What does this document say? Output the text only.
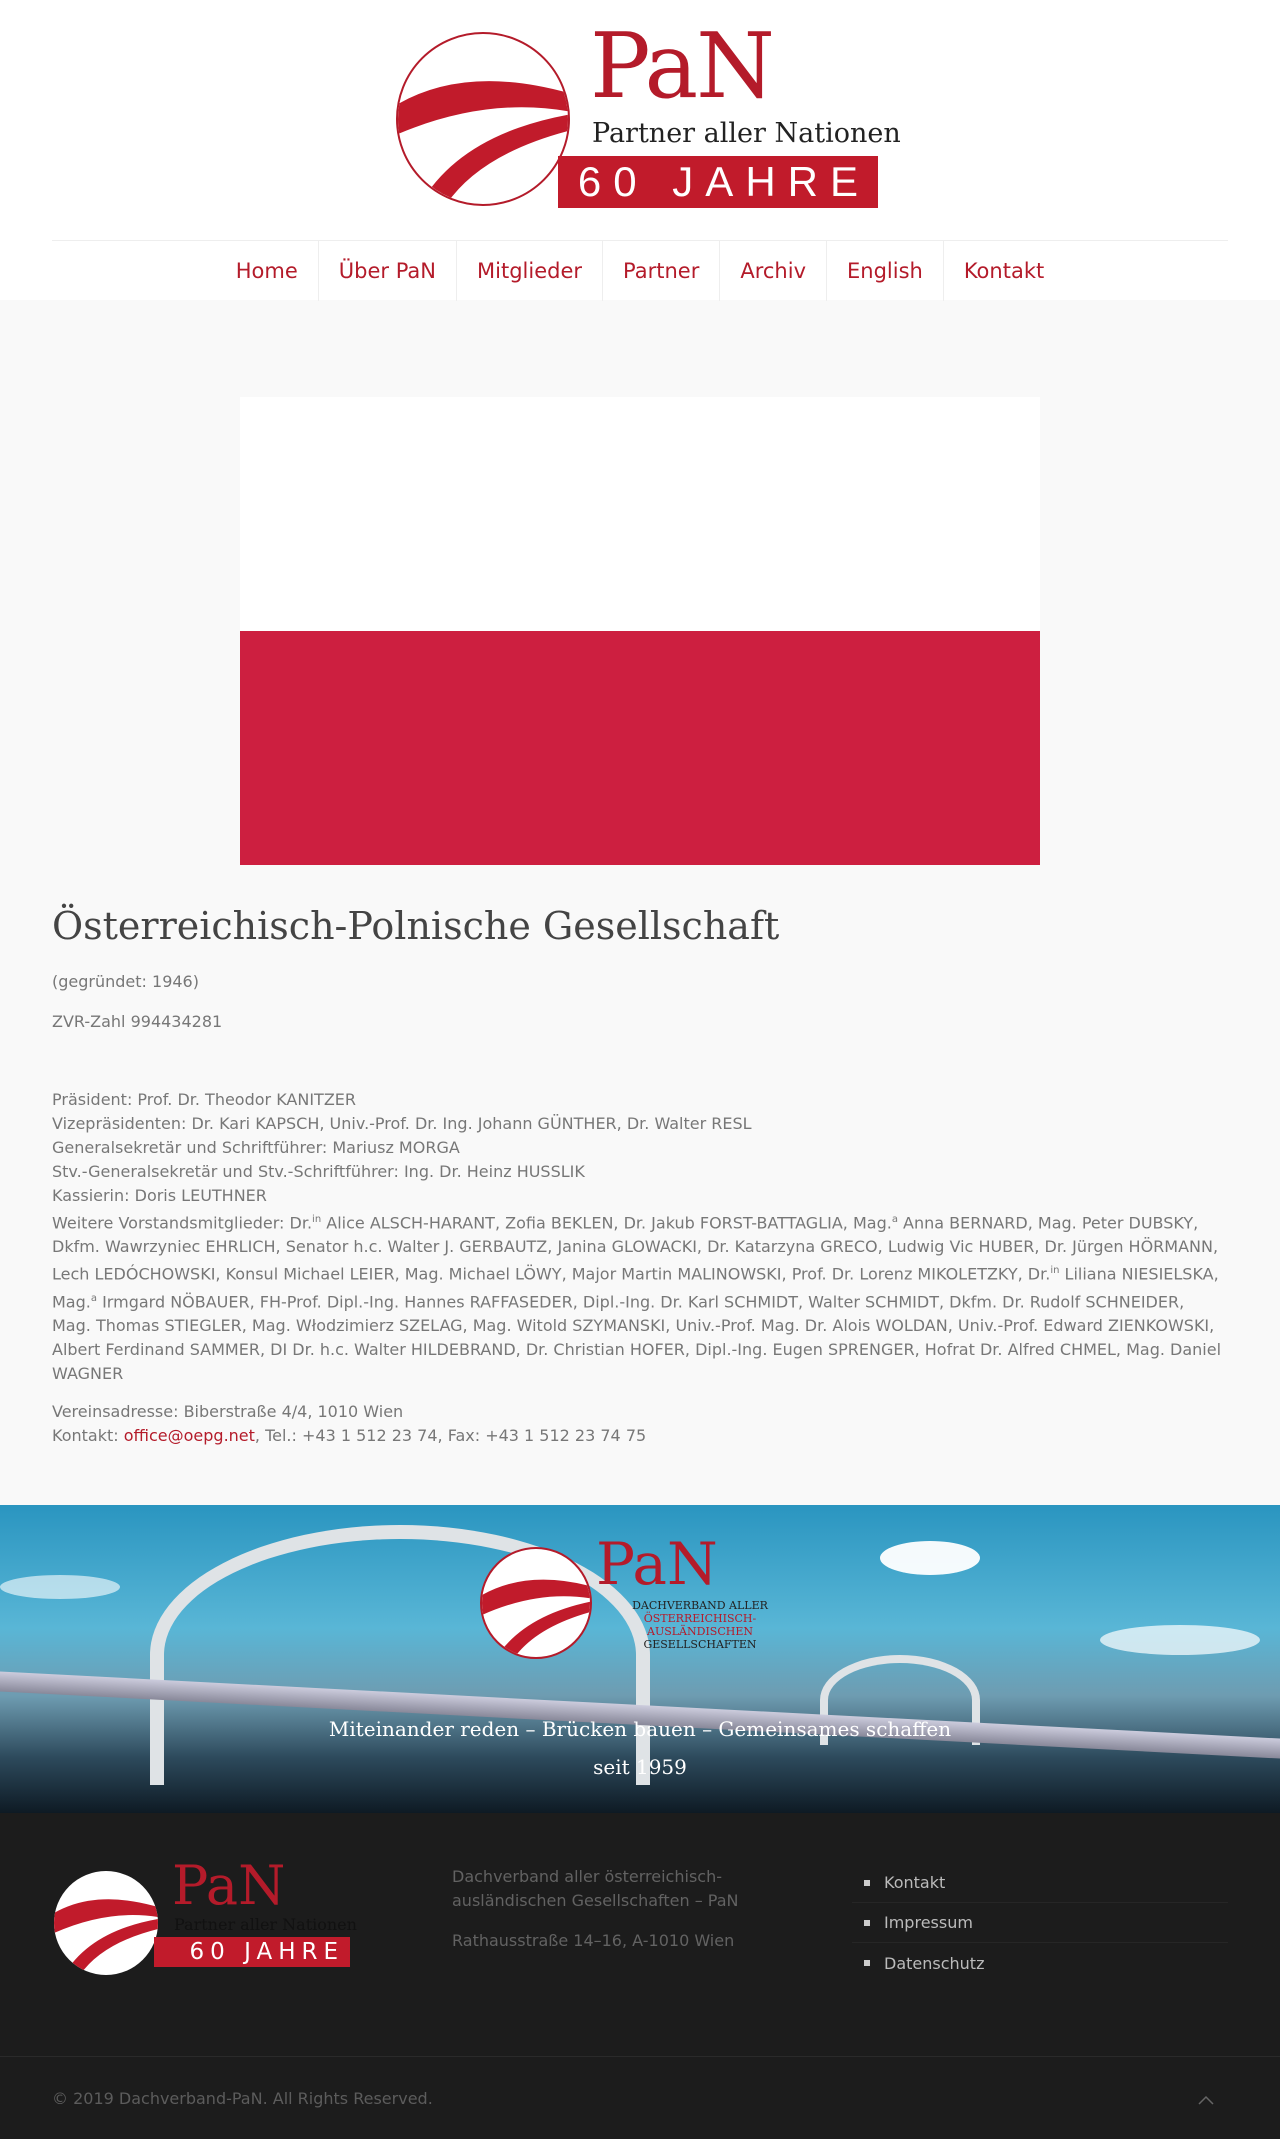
PaN
Partner aller Nationen
60 JAHRE
Home	Über PaN	Mitglieder	Partner	Archiv	English	Kontakt
Österreichisch-Polnische Gesellschaft

(gegründet: 1946)

ZVR-Zahl 994434281

Präsident: Prof. Dr. Theodor KANITZER
Vizepräsidenten: Dr. Kari KAPSCH, Univ.-Prof. Dr. Ing. Johann GÜNTHER, Dr. Walter RESL
Generalsekretär und Schriftführer: Mariusz MORGA
Stv.-Generalsekretär und Stv.-Schriftführer: Ing. Dr. Heinz HUSSLIK
Kassierin: Doris LEUTHNER
Weitere Vorstandsmitglieder: Dr.$^{in}$ Alice ALSCH-HARANT, Zofia BEKLEN, Dr. Jakub FORST-BATTAGLIA, Mag.$^a$ Anna BERNARD, Mag. Peter DUBSKY, Dkfm. Wawrzyniec EHRLICH, Senator h.c. Walter J. GERBAUTZ, Janina GLOWACKI, Dr. Katarzyna GRECO, Ludwig Vic HUBER, Dr. Jürgen HÖRMANN, Lech LEDÓCHOWSKI, Konsul Michael LEIER, Mag. Michael LÖWY, Major Martin MALINOWSKI, Prof. Dr. Lorenz MIKOLETZKY, Dr.$^{in}$ Liliana NIESIELSKA, Mag.$^a$ Irmgard NÖBAUER, FH-Prof. Dipl.-Ing. Hannes RAFFASEDER, Dipl.-Ing. Dr. Karl SCHMIDT, Walter SCHMIDT, Dkfm. Dr. Rudolf SCHNEIDER, Mag. Thomas STIEGLER, Mag. Włodzimierz SZELAG, Mag. Witold SZYMANSKI, Univ.-Prof. Mag. Dr. Alois WOLDAN, Univ.-Prof. Edward ZIENKOWSKI, Albert Ferdinand SAMMER, DI Dr. h.c. Walter HILDEBRAND, Dr. Christian HOFER, Dipl.-Ing. Eugen SPRENGER, Hofrat Dr. Alfred CHMEL, Mag. Daniel WAGNER
Vereinsadresse: Biberstraße 4/4, 1010 Wien
Kontakt: office@oepg.net, Tel.: +43 1 512 23 74, Fax: +43 1 512 23 74 75
PaN
DACHVERBAND ALLER
ÖSTERREICHISCH-AUSLÄNDISCHEN
GESELLSCHAFTEN
Miteinander reden – Brücken bauen – Gemeinsames schaffen
seit 1959
PaN
Partner aller Nationen
60 JAHRE
Dachverband aller österreichisch-ausländischen Gesellschaften – PaN
Rathausstraße 14–16, A-1010 Wien
Kontakt
Impressum
Datenschutz
© 2019 Dachverband-PaN. All Rights Reserved.
